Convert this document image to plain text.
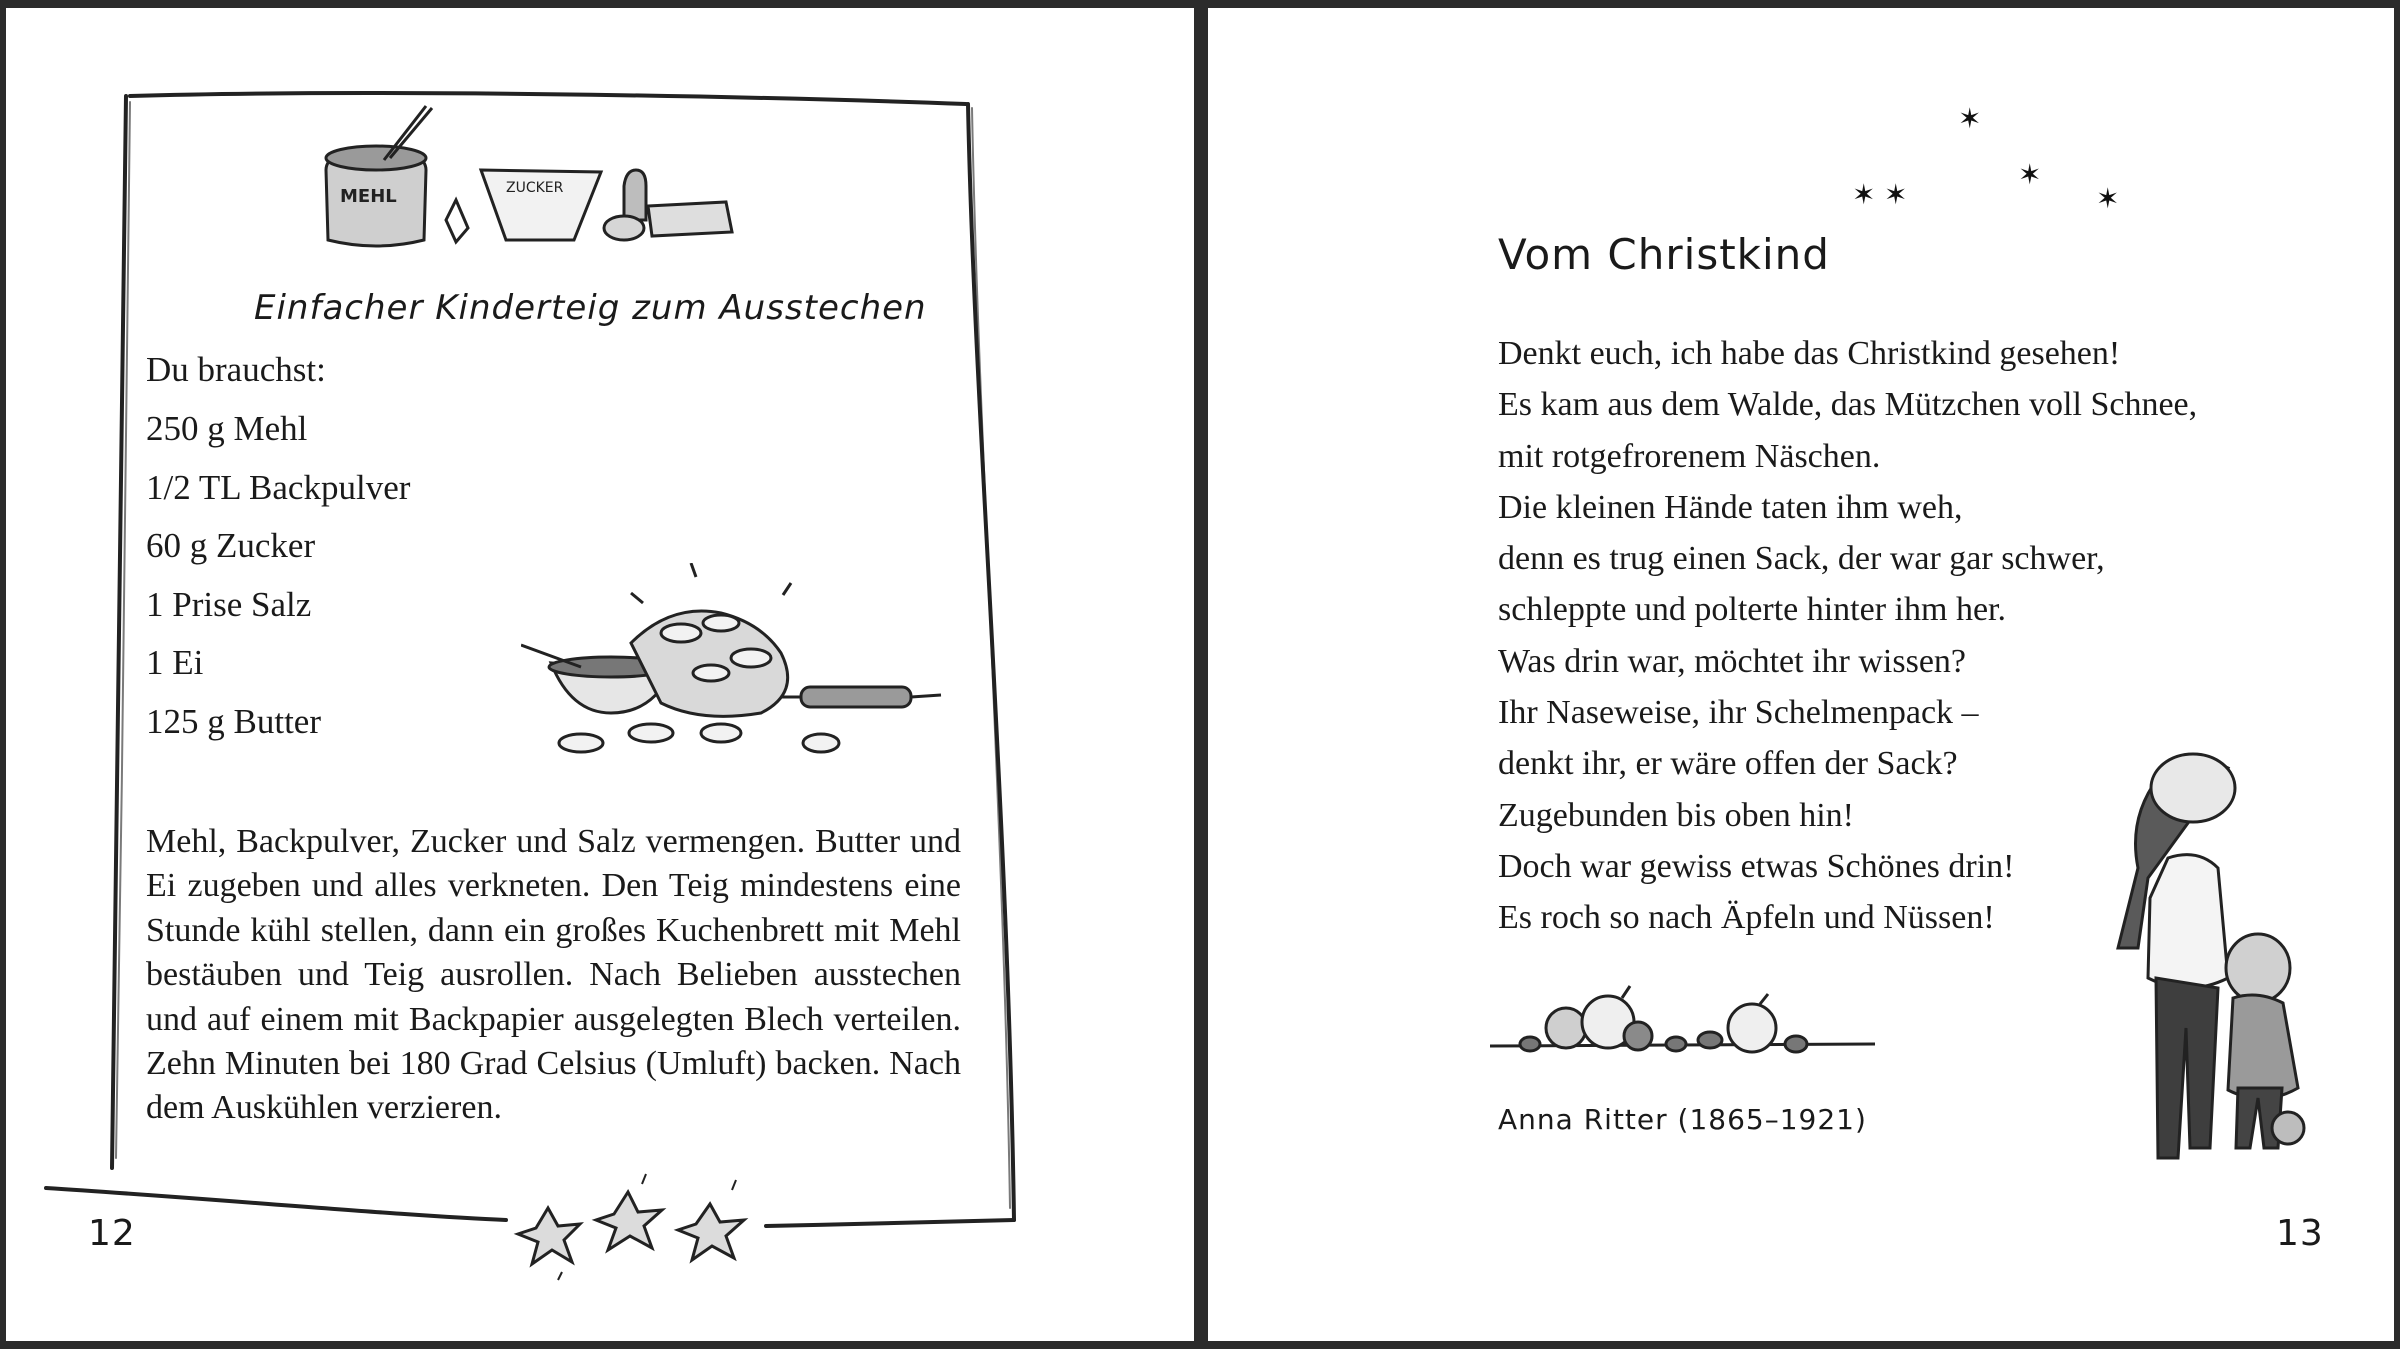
MEHL	ZUCKER
Einfacher Kinderteig zum Ausstechen
Du brauchst:
250 g Mehl
1/2 TL Backpulver
60 g Zucker
1 Prise Salz
1 Ei
125 g Butter

Mehl, Backpulver, Zucker und Salz vermengen. Butter und Ei zugeben und alles verkneten. Den Teig mindestens eine Stunde kühl stellen, dann ein großes Kuchenbrett mit Mehl bestäuben und Teig ausrollen. Nach Belieben ausstechen und auf einem mit Backpapier ausgelegten Blech verteilen. Zehn Minuten bei 180 Grad Celsius (Umluft) backen. Nach dem Auskühlen verzieren.

12
✶
✶ ✶
✶
✶
Vom Christkind
Denkt euch, ich habe das Christkind gesehen!
Es kam aus dem Walde, das Mützchen voll Schnee,
mit rotgefrorenem Näschen.
Die kleinen Hände taten ihm weh,
denn es trug einen Sack, der war gar schwer,
schleppte und polterte hinter ihm her.
Was drin war, möchtet ihr wissen?
Ihr Naseweise, ihr Schelmenpack –
denkt ihr, er wäre offen der Sack?
Zugebunden bis oben hin!
Doch war gewiss etwas Schönes drin!
Es roch so nach Äpfeln und Nüssen!
Anna Ritter (1865–1921)
13
